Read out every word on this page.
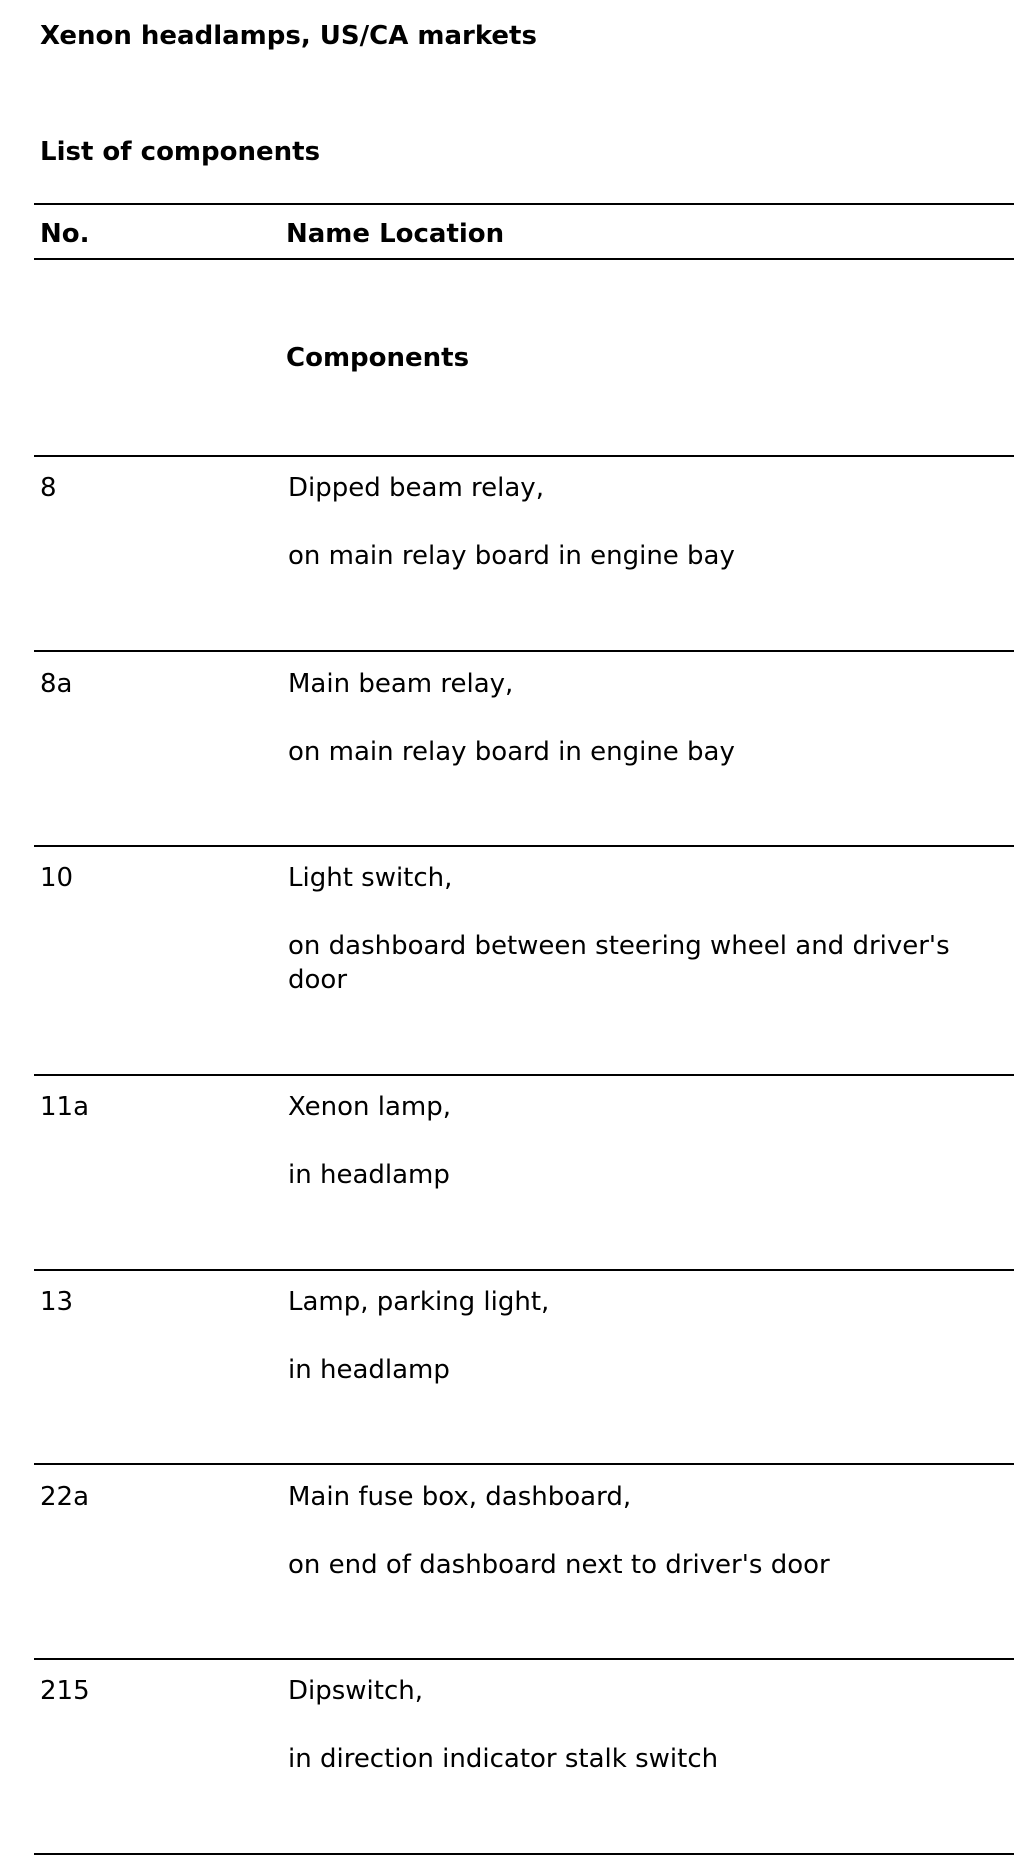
Xenon headlamps, US/CA markets
List of components
No.	Name Location
Components
8	Dipped beam relay,
on main relay board in engine bay
8a	Main beam relay,
on main relay board in engine bay
10	Light switch,
on dashboard between steering wheel and driver's door
11a	Xenon lamp,
in headlamp
13	Lamp, parking light,
in headlamp
22a	Main fuse box, dashboard,
on end of dashboard next to driver's door
215	Dipswitch,
in direction indicator stalk switch
